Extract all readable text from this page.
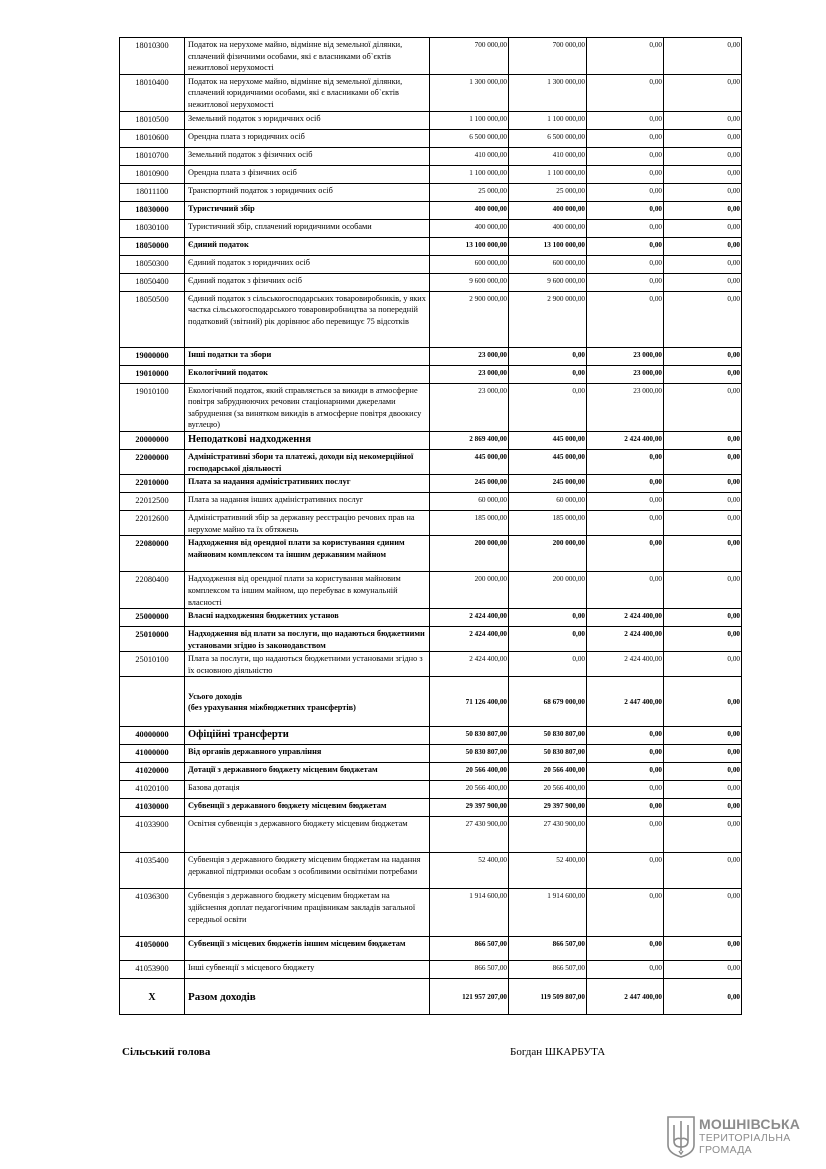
18010300	Податок на нерухоме майно, відмінне від земельної ділянки, сплачений фізичними особами, які є власниками об`єктів нежитлової нерухомості	700 000,00	700 000,00	0,00	0,00
18010400	Податок на нерухоме майно, відмінне від земельної ділянки, сплачений юридичними особами, які є власниками об`єктів нежитлової нерухомості	1 300 000,00	1 300 000,00	0,00	0,00
18010500	Земельний податок з юридичних осіб	1 100 000,00	1 100 000,00	0,00	0,00
18010600	Орендна плата з юридичних осіб	6 500 000,00	6 500 000,00	0,00	0,00
18010700	Земельний податок з фізичних осіб	410 000,00	410 000,00	0,00	0,00
18010900	Орендна плата з фізичних осіб	1 100 000,00	1 100 000,00	0,00	0,00
18011100	Транспортний податок з юридичних осіб	25 000,00	25 000,00	0,00	0,00
18030000	Туристичний збір	400 000,00	400 000,00	0,00	0,00
18030100	Туристичний збір, сплачений юридичними особами	400 000,00	400 000,00	0,00	0,00
18050000	Єдиний податок	13 100 000,00	13 100 000,00	0,00	0,00
18050300	Єдиний податок з юридичних осіб	600 000,00	600 000,00	0,00	0,00
18050400	Єдиний податок з фізичних осіб	9 600 000,00	9 600 000,00	0,00	0,00
18050500	Єдиний податок з сільськогосподарських товаровиробників, у яких частка сільськогосподарського товаровиробництва за попередній податковий (звітний) рік дорівнює або перевищує 75 відсотків	2 900 000,00	2 900 000,00	0,00	0,00
19000000	Інші податки та збори	23 000,00	0,00	23 000,00	0,00
19010000	Екологічний податок	23 000,00	0,00	23 000,00	0,00
19010100	Екологічний податок, який справляється за викиди в атмосферне повітря забруднюючих речовин стаціонарними джерелами забруднення (за винятком викидів в атмосферне повітря двоокису вуглецю)	23 000,00	0,00	23 000,00	0,00
20000000	Неподаткові надходження	2 869 400,00	445 000,00	2 424 400,00	0,00
22000000	Адміністративні збори та платежі, доходи від некомерційної господарської діяльності	445 000,00	445 000,00	0,00	0,00
22010000	Плата за надання адміністративних послуг	245 000,00	245 000,00	0,00	0,00
22012500	Плата за надання інших адміністративних послуг	60 000,00	60 000,00	0,00	0,00
22012600	Адміністративний збір за державну реєстрацію речових прав на нерухоме майно та їх обтяжень	185 000,00	185 000,00	0,00	0,00
22080000	Надходження від орендної плати за користування єдиним майновим комплексом та іншим державним майном	200 000,00	200 000,00	0,00	0,00
22080400	Надходження від орендної плати за користування майновим комплексом та іншим майном, що перебуває в комунальній власності	200 000,00	200 000,00	0,00	0,00
25000000	Власні надходження бюджетних установ	2 424 400,00	0,00	2 424 400,00	0,00
25010000	Надходження від плати за послуги, що надаються бюджетними установами згідно із законодавством	2 424 400,00	0,00	2 424 400,00	0,00
25010100	Плата за послуги, що надаються бюджетними установами згідно з їх основною діяльністю	2 424 400,00	0,00	2 424 400,00	0,00
	Усього доходів
(без урахування міжбюджетних трансфертів)	71 126 400,00	68 679 000,00	2 447 400,00	0,00
40000000	Офіційні трансферти	50 830 807,00	50 830 807,00	0,00	0,00
41000000	Від органів державного управління	50 830 807,00	50 830 807,00	0,00	0,00
41020000	Дотації з державного бюджету місцевим бюджетам	20 566 400,00	20 566 400,00	0,00	0,00
41020100	Базова дотація	20 566 400,00	20 566 400,00	0,00	0,00
41030000	Субвенції з державного бюджету місцевим бюджетам	29 397 900,00	29 397 900,00	0,00	0,00
41033900	Освітня субвенція з державного бюджету місцевим бюджетам	27 430 900,00	27 430 900,00	0,00	0,00
41035400	Субвенція з державного бюджету місцевим бюджетам на надання державної підтримки особам з особливими освітніми потребами	52 400,00	52 400,00	0,00	0,00
41036300	Субвенція з державного бюджету місцевим бюджетам на здійснення доплат педагогічним працівникам закладів загальної середньої освіти	1 914 600,00	1 914 600,00	0,00	0,00
41050000	Субвенції з місцевих бюджетів іншим місцевим бюджетам	866 507,00	866 507,00	0,00	0,00
41053900	Інші субвенції з місцевого бюджету	866 507,00	866 507,00	0,00	0,00
X	Разом доходів	121 957 207,00	119 509 807,00	2 447 400,00	0,00
Сільський голова	Богдан ШКАРБУТА
МОШНІВСЬКА
ТЕРИТОРІАЛЬНА
ГРОМАДА
